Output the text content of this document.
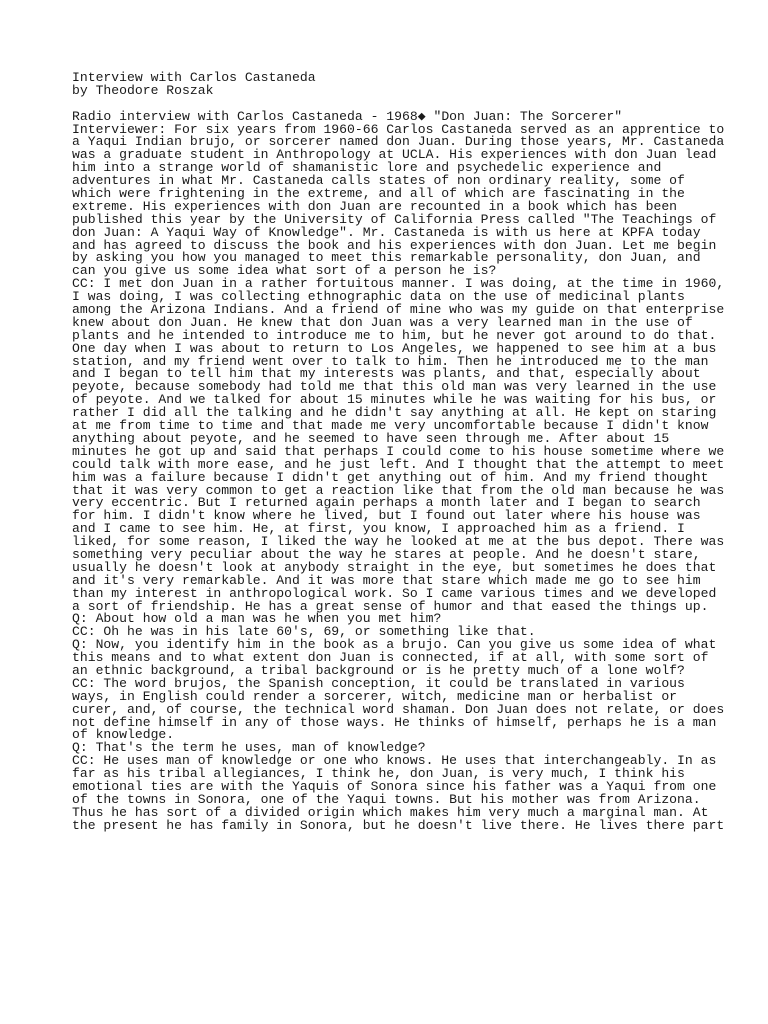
Interview with Carlos Castaneda
by Theodore Roszak
Radio interview with Carlos Castaneda - 1968◆ "Don Juan: The Sorcerer"
Interviewer: For six years from 1960-66 Carlos Castaneda served as an apprentice to
a Yaqui Indian brujo, or sorcerer named don Juan. During those years, Mr. Castaneda
was a graduate student in Anthropology at UCLA. His experiences with don Juan lead
him into a strange world of shamanistic lore and psychedelic experience and
adventures in what Mr. Castaneda calls states of non ordinary reality, some of
which were frightening in the extreme, and all of which are fascinating in the
extreme. His experiences with don Juan are recounted in a book which has been
published this year by the University of California Press called "The Teachings of
don Juan: A Yaqui Way of Knowledge". Mr. Castaneda is with us here at KPFA today
and has agreed to discuss the book and his experiences with don Juan. Let me begin
by asking you how you managed to meet this remarkable personality, don Juan, and
can you give us some idea what sort of a person he is?
CC: I met don Juan in a rather fortuitous manner. I was doing, at the time in 1960,
I was doing, I was collecting ethnographic data on the use of medicinal plants
among the Arizona Indians. And a friend of mine who was my guide on that enterprise
knew about don Juan. He knew that don Juan was a very learned man in the use of
plants and he intended to introduce me to him, but he never got around to do that.
One day when I was about to return to Los Angeles, we happened to see him at a bus
station, and my friend went over to talk to him. Then he introduced me to the man
and I began to tell him that my interests was plants, and that, especially about
peyote, because somebody had told me that this old man was very learned in the use
of peyote. And we talked for about 15 minutes while he was waiting for his bus, or
rather I did all the talking and he didn't say anything at all. He kept on staring
at me from time to time and that made me very uncomfortable because I didn't know
anything about peyote, and he seemed to have seen through me. After about 15
minutes he got up and said that perhaps I could come to his house sometime where we
could talk with more ease, and he just left. And I thought that the attempt to meet
him was a failure because I didn't get anything out of him. And my friend thought
that it was very common to get a reaction like that from the old man because he was
very eccentric. But I returned again perhaps a month later and I began to search
for him. I didn't know where he lived, but I found out later where his house was
and I came to see him. He, at first, you know, I approached him as a friend. I
liked, for some reason, I liked the way he looked at me at the bus depot. There was
something very peculiar about the way he stares at people. And he doesn't stare,
usually he doesn't look at anybody straight in the eye, but sometimes he does that
and it's very remarkable. And it was more that stare which made me go to see him
than my interest in anthropological work. So I came various times and we developed
a sort of friendship. He has a great sense of humor and that eased the things up.
Q: About how old a man was he when you met him?
CC: Oh he was in his late 60's, 69, or something like that.
Q: Now, you identify him in the book as a brujo. Can you give us some idea of what
this means and to what extent don Juan is connected, if at all, with some sort of
an ethnic background, a tribal background or is he pretty much of a lone wolf?
CC: The word brujos, the Spanish conception, it could be translated in various
ways, in English could render a sorcerer, witch, medicine man or herbalist or
curer, and, of course, the technical word shaman. Don Juan does not relate, or does
not define himself in any of those ways. He thinks of himself, perhaps he is a man
of knowledge.
Q: That's the term he uses, man of knowledge?
CC: He uses man of knowledge or one who knows. He uses that interchangeably. In as
far as his tribal allegiances, I think he, don Juan, is very much, I think his
emotional ties are with the Yaquis of Sonora since his father was a Yaqui from one
of the towns in Sonora, one of the Yaqui towns. But his mother was from Arizona.
Thus he has sort of a divided origin which makes him very much a marginal man. At
the present he has family in Sonora, but he doesn't live there. He lives there part
